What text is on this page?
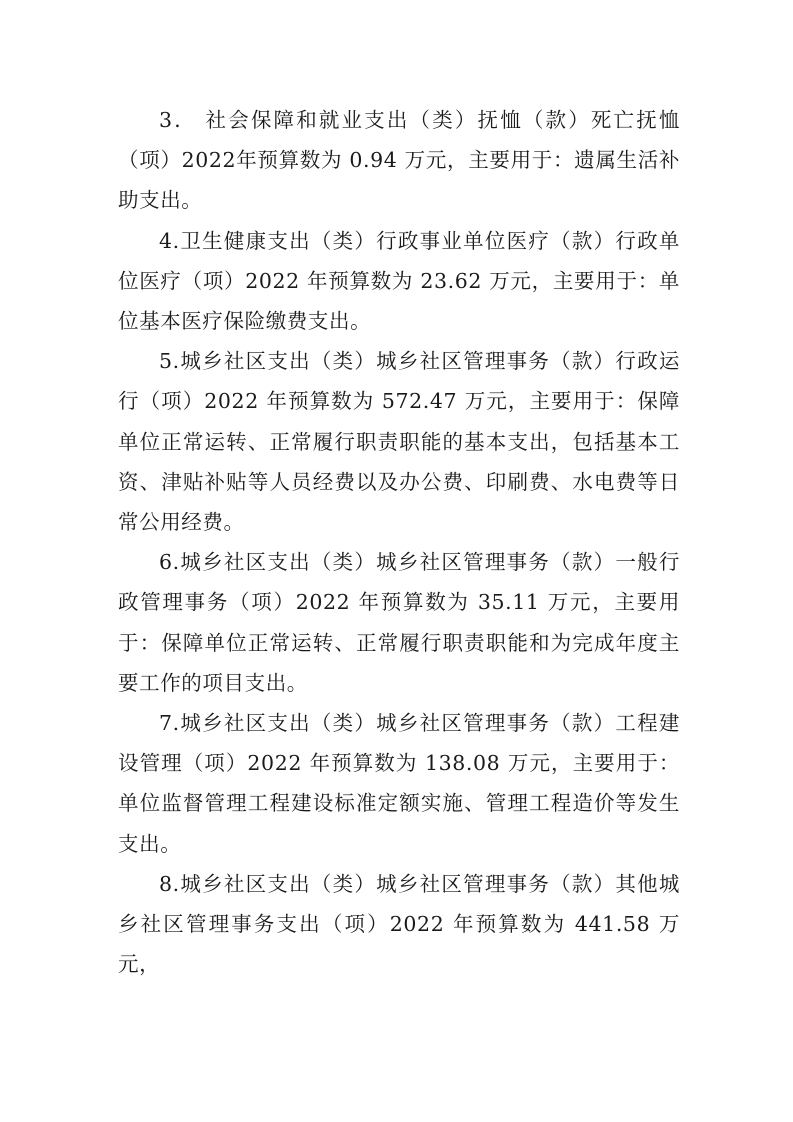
3． 社会保障和就业支出（类）抚恤（款）死亡抚恤（项）2022年预算数为 0.94 万元，主要用于：遗属生活补助支出。

4.卫生健康支出（类）行政事业单位医疗（款）行政单位医疗（项）2022 年预算数为 23.62 万元，主要用于：单位基本医疗保险缴费支出。

5.城乡社区支出（类）城乡社区管理事务（款）行政运行（项）2022 年预算数为 572.47 万元，主要用于：保障单位正常运转、正常履行职责职能的基本支出，包括基本工资、津贴补贴等人员经费以及办公费、印刷费、水电费等日常公用经费。

6.城乡社区支出（类）城乡社区管理事务（款）一般行政管理事务（项）2022 年预算数为 35.11 万元，主要用于：保障单位正常运转、正常履行职责职能和为完成年度主要工作的项目支出。

7.城乡社区支出（类）城乡社区管理事务（款）工程建设管理（项）2022 年预算数为 138.08 万元，主要用于：单位监督管理工程建设标准定额实施、管理工程造价等发生支出。

8.城乡社区支出（类）城乡社区管理事务（款）其他城乡社区管理事务支出（项）2022 年预算数为 441.58 万元，
